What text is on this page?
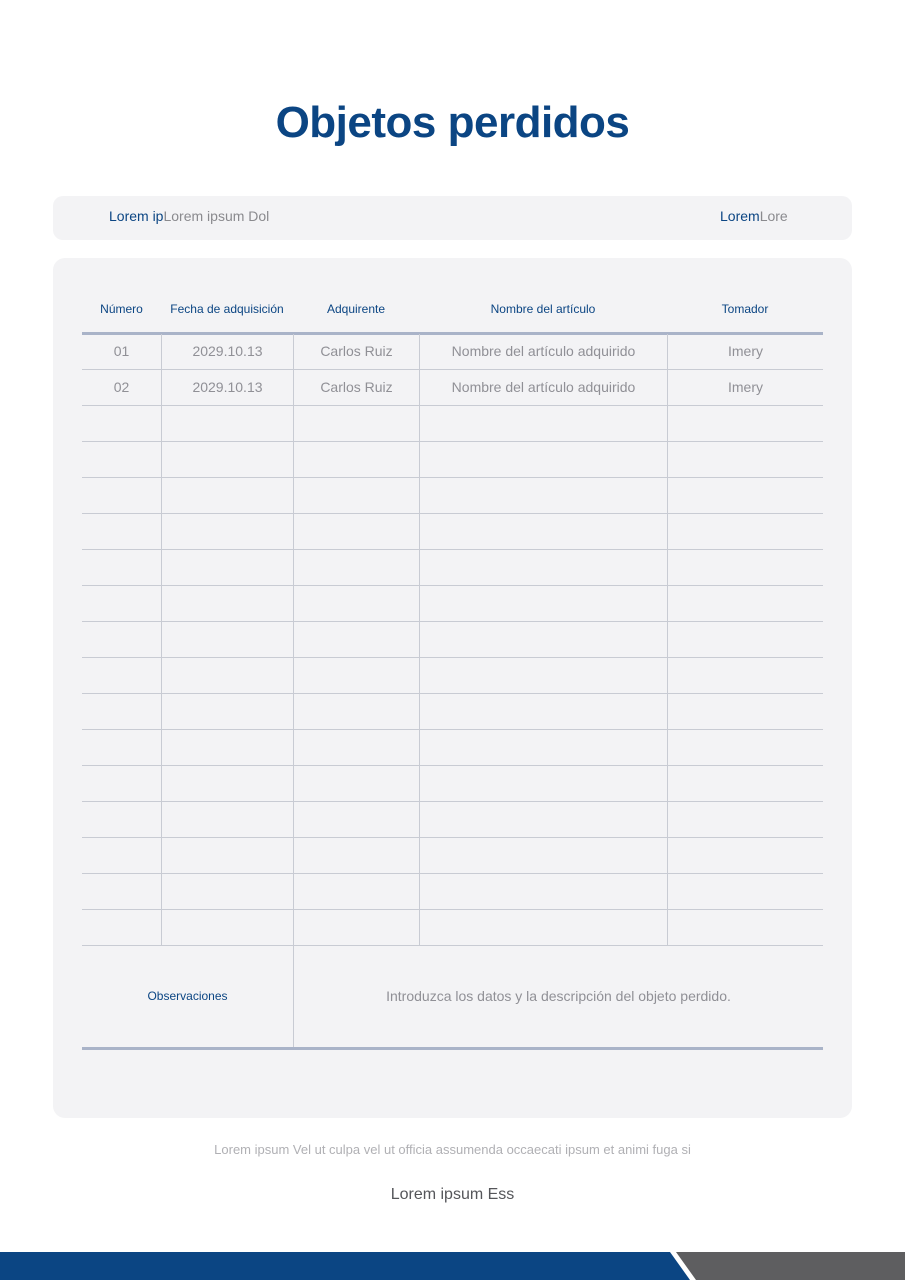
Objetos perdidos
Lorem ipLorem ipsum Dol	LoremLore
Número	Fecha de adquisición	Adquirente	Nombre del artículo	Tomador
01	2029.10.13	Carlos Ruiz	Nombre del artículo adquirido	Imery
02	2029.10.13	Carlos Ruiz	Nombre del artículo adquirido	Imery
Observaciones	Introduzca los datos y la descripción del objeto perdido.
Lorem ipsum Vel ut culpa vel ut officia assumenda occaecati ipsum et animi fuga si
Lorem ipsum Ess
